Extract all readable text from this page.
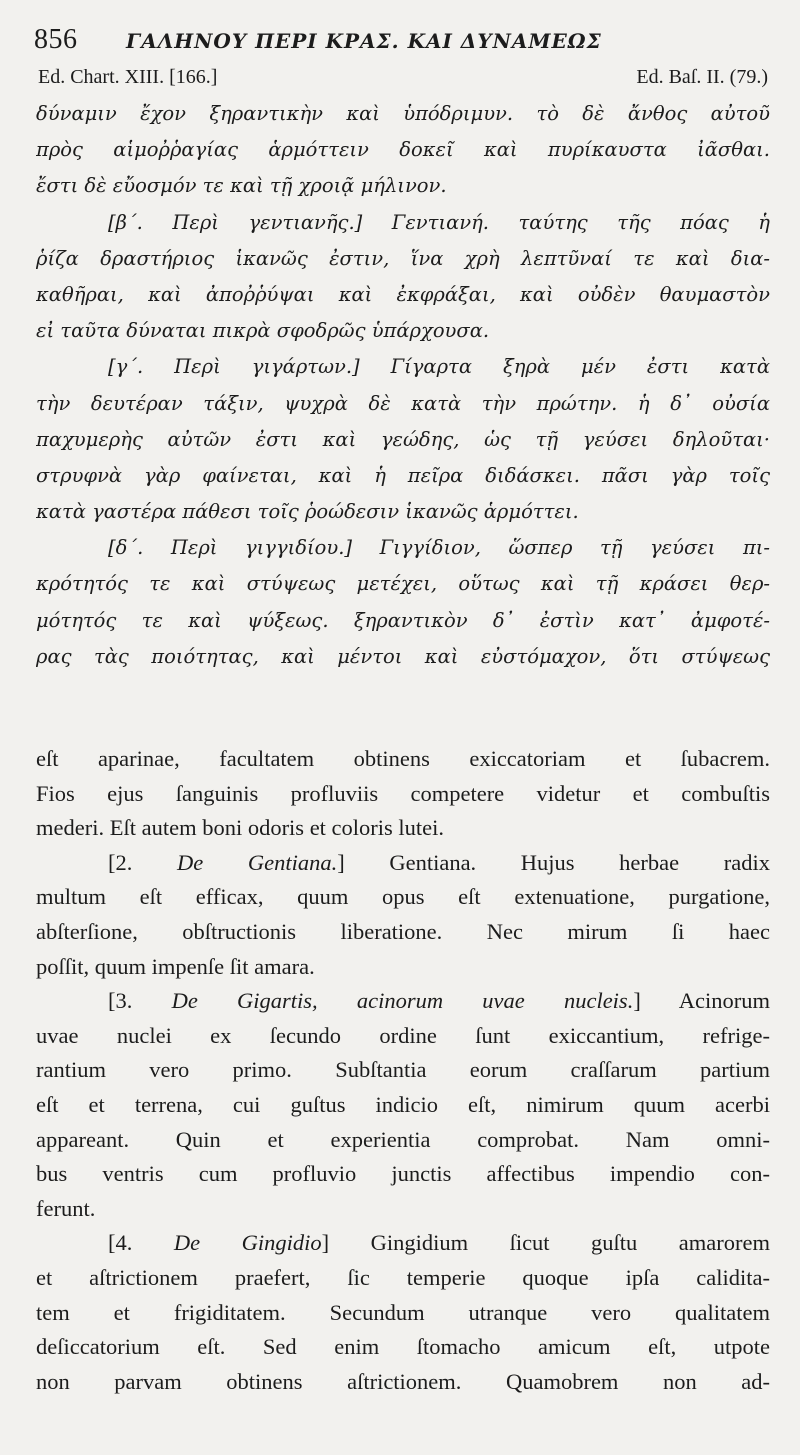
856	ΓΑΛΗΝΟΥ ΠΕΡΙ ΚΡΑΣ. ΚΑΙ ΔΥΝΑΜΕΩΣ
Ed. Chart. XIII. [166.]	Ed. Baſ. II. (79.)
δύναμιν ἔχον ξηραντικὴν καὶ ὑπόδριμυν. τὸ δὲ ἄνθος αὐτοῦ
πρὸς αἱμοῤῥαγίας ἁρμόττειν δοκεῖ καὶ πυρίκαυστα ἰᾶσθαι.
ἔστι δὲ εὔοσμόν τε καὶ τῇ χροιᾷ μήλινον.
[β΄. Περὶ γεντιανῆς.] Γεντιανή. ταύτης τῆς πόας ἡ
ῥίζα δραστήριος ἱκανῶς ἐστιν, ἵνα χρὴ λεπτῦναί τε καὶ δια-
καθῆραι, καὶ ἀποῤῥύψαι καὶ ἐκφράξαι, καὶ οὐδὲν θαυμαστὸν
εἰ ταῦτα δύναται πικρὰ σφοδρῶς ὑπάρχουσα.
[γ΄. Περὶ γιγάρτων.] Γίγαρτα ξηρὰ μέν ἐστι κατὰ
τὴν δευτέραν τάξιν, ψυχρὰ δὲ κατὰ τὴν πρώτην. ἡ δ᾽ οὐσία
παχυμερὴς αὐτῶν ἐστι καὶ γεώδης, ὡς τῇ γεύσει δηλοῦται·
στρυφνὰ γὰρ φαίνεται, καὶ ἡ πεῖρα διδάσκει. πᾶσι γὰρ τοῖς
κατὰ γαστέρα πάθεσι τοῖς ῥοώδεσιν ἱκανῶς ἁρμόττει.
[δ΄. Περὶ γιγγιδίου.] Γιγγίδιον, ὥσπερ τῇ γεύσει πι-
κρότητός τε καὶ στύψεως μετέχει, οὕτως καὶ τῇ κράσει θερ-
μότητός τε καὶ ψύξεως. ξηραντικὸν δ᾽ ἐστὶν κατ᾽ ἀμφοτέ-
ρας τὰς ποιότητας, καὶ μέντοι καὶ εὐστόμαχον, ὅτι στύψεως
eſt aparinae, facultatem obtinens exiccatoriam et ſubacrem.
Fios ejus ſanguinis profluviis competere videtur et combuſtis
mederi. Eſt autem boni odoris et coloris lutei.
[2. De Gentiana.] Gentiana. Hujus herbae radix
multum eſt efficax, quum opus eſt extenuatione, purgatione,
abſterſione, obſtructionis liberatione. Nec mirum ſi haec
poſſit, quum impenſe ſit amara.
[3. De Gigartis, acinorum uvae nucleis.] Acinorum
uvae nuclei ex ſecundo ordine ſunt exiccantium, refrige-
rantium vero primo. Subſtantia eorum craſſarum partium
eſt et terrena, cui guſtus indicio eſt, nimirum quum acerbi
appareant. Quin et experientia comprobat. Nam omni-
bus ventris cum profluvio junctis affectibus impendio con-
ferunt.
[4. De Gingidio] Gingidium ſicut guſtu amarorem
et aſtrictionem praefert, ſic temperie quoque ipſa caliditа-
tem et frigiditatem. Secundum utranque vero qualitatem
deſiccatorium eſt. Sed enim ſtomacho amicum eſt, utpote
non parvam obtinens aſtrictionem. Quamobrem non ad-
